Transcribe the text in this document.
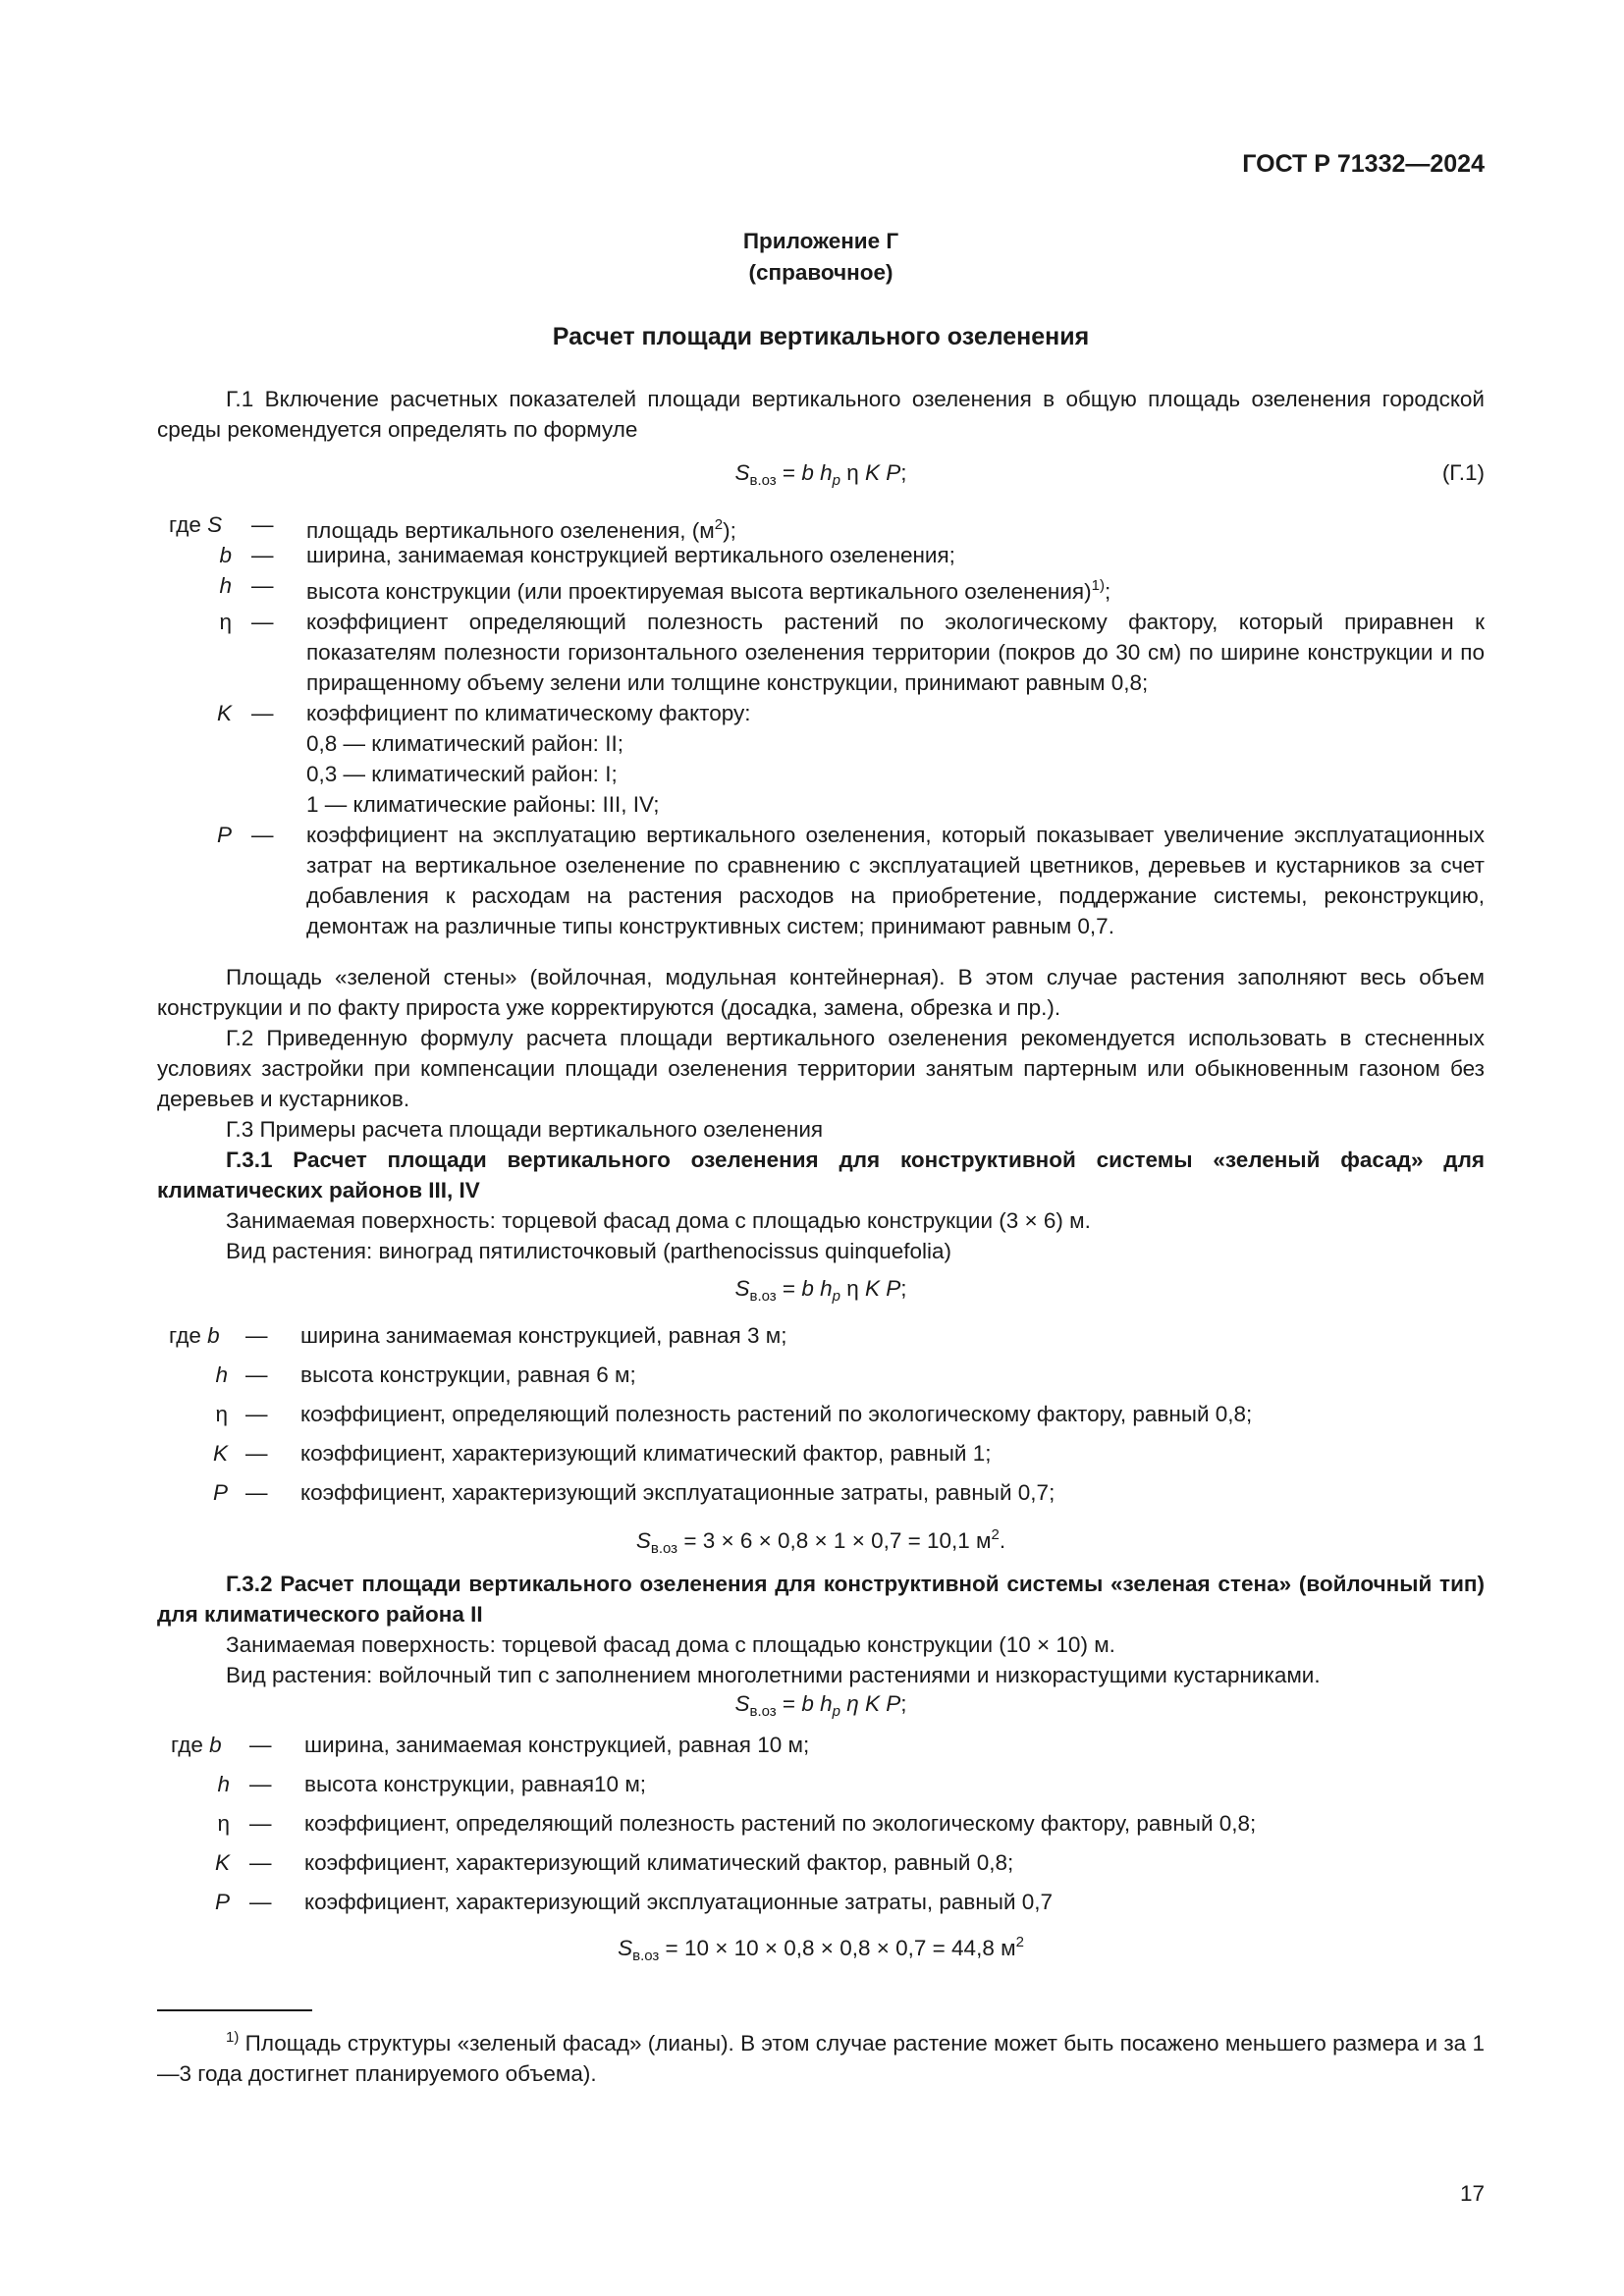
ГОСТ Р 71332—2024
Приложение Г
(справочное)
Расчет площади вертикального озеленения
Г.1 Включение расчетных показателей площади вертикального озеленения в общую площадь озеленения городской среды рекомендуется определять по формуле
$S_{в.оз} = b$ $h_p$ η K P;	(Г.1)
где S — площадь вертикального озеленения, $(м^2)$;
b — ширина, занимаемая конструкцией вертикального озеленения;
h — высота конструкции (или проектируемая высота вертикального озеленения)$^{1)}$;
η — коэффициент определяющий полезность растений по экологическому фактору, который приравнен к показателям полезности горизонтального озеленения территории (покров до 30 см) по ширине конструкции и по приращенному объему зелени или толщине конструкции, принимают равным 0,8;
K — коэффициент по климатическому фактору:
0,8 — климатический район: II;
0,3 — климатический район: I;
1 — климатические районы: III, IV;
P — коэффициент на эксплуатацию вертикального озеленения, который показывает увеличение эксплуатационных затрат на вертикальное озеленение по сравнению с эксплуатацией цветников, деревьев и кустарников за счет добавления к расходам на растения расходов на приобретение, поддержание системы, реконструкцию, демонтаж на различные типы конструктивных систем; принимают равным 0,7.
Площадь «зеленой стены» (войлочная, модульная контейнерная). В этом случае растения заполняют весь объем конструкции и по факту прироста уже корректируются (досадка, замена, обрезка и пр.).
Г.2 Приведенную формулу расчета площади вертикального озеленения рекомендуется использовать в стесненных условиях застройки при компенсации площади озеленения территории занятым партерным или обыкновенным газоном без деревьев и кустарников.
Г.3 Примеры расчета площади вертикального озеленения
Г.3.1 Расчет площади вертикального озеленения для конструктивной системы «зеленый фасад» для климатических районов III, IV
Занимаемая поверхность: торцевой фасад дома с площадью конструкции (3 × 6) м.
Вид растения: виноград пятилисточковый (parthenocissus quinquefolia)
$S_{в.оз} = b$ $h_p$ η K P;
где b — ширина занимаемая конструкцией, равная 3 м;
h — высота конструкции, равная 6 м;
η — коэффициент, определяющий полезность растений по экологическому фактору, равный 0,8;
K — коэффициент, характеризующий климатический фактор, равный 1;
P — коэффициент, характеризующий эксплуатационные затраты, равный 0,7;
$S_{в.оз} = 3 \times 6 \times 0,8 \times 1 \times 0,7 = 10,1$ $м^2$.
Г.3.2 Расчет площади вертикального озеленения для конструктивной системы «зеленая стена» (войлочный тип) для климатического района II
Занимаемая поверхность: торцевой фасад дома с площадью конструкции (10 × 10) м.
Вид растения: войлочный тип с заполнением многолетними растениями и низкорастущими кустарниками.
$S_{в.оз} = b$ $h_p$ η K P;
где b — ширина, занимаемая конструкцией, равная 10 м;
h — высота конструкции, равная10 м;
η — коэффициент, определяющий полезность растений по экологическому фактору, равный 0,8;
K — коэффициент, характеризующий климатический фактор, равный 0,8;
P — коэффициент, характеризующий эксплуатационные затраты, равный 0,7
$S_{в.оз} = 10 \times 10 \times 0,8 \times 0,8 \times 0,7 = 44,8$ $м^2$
$^{1)}$ Площадь структуры «зеленый фасад» (лианы). В этом случае растение может быть посажено меньшего размера и за 1—3 года достигнет планируемого объема).
17
